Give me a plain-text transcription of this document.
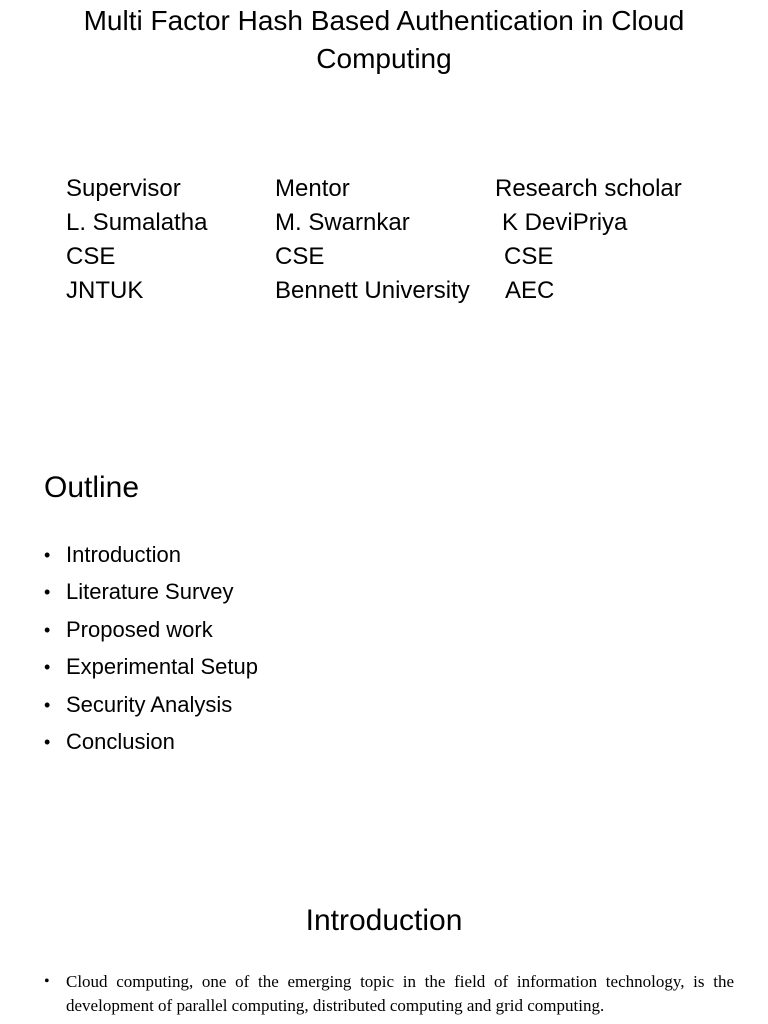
Multi Factor Hash Based Authentication in Cloud Computing
Supervisor
L. Sumalatha
CSE
JNTUK
Mentor
M. Swarnkar
CSE
Bennett University
Research scholar
K DeviPriya
CSE
AEC
Outline
• Introduction
• Literature Survey
• Proposed work
• Experimental Setup
• Security Analysis
• Conclusion
Introduction
• Cloud computing, one of the emerging topic in the field of information technology, is the development of parallel computing, distributed computing and grid computing.
